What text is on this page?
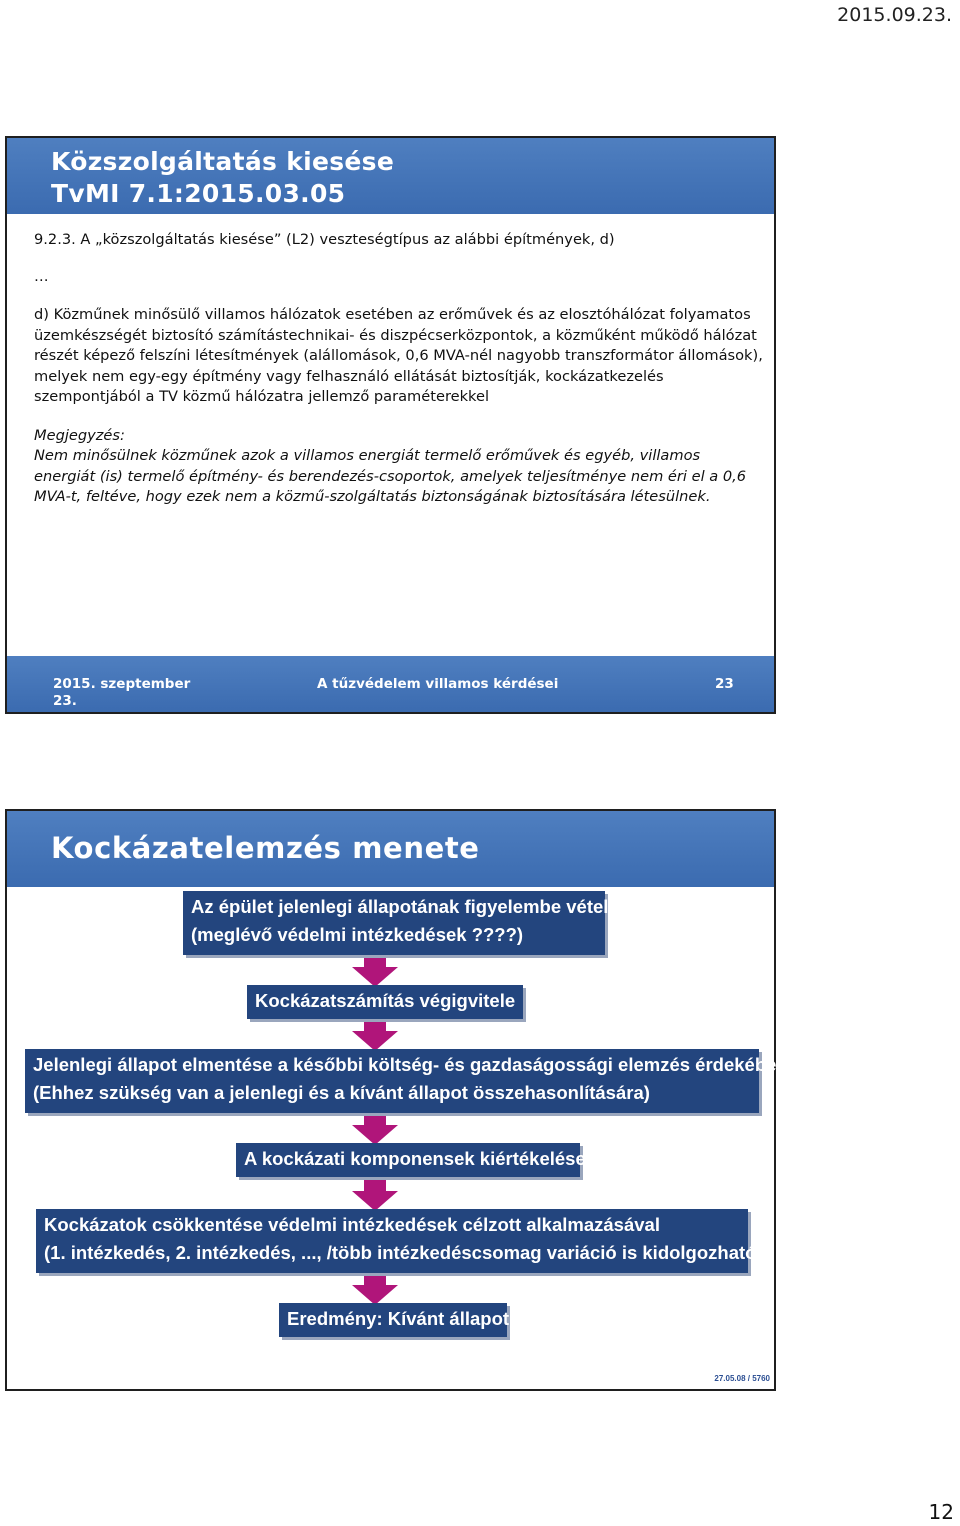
2015.09.23.
Közszolgáltatás kiesése
TvMI 7.1:2015.03.05

9.2.3. A „közszolgáltatás kiesése” (L2) veszteségtípus az alábbi építmények, d)

…

d) Közműnek minősülő villamos hálózatok esetében az erőművek és az elosztóhálózat folyamatos üzemkészségét biztosító számítástechnikai- és diszpécserközpontok, a közműként működő hálózat részét képező felszíni létesítmények (alállomások, 0,6 MVA-nél nagyobb transzformátor állomások), melyek nem egy-egy építmény vagy felhasználó ellátását biztosítják, kockázatkezelés szempontjából a TV közmű hálózatra jellemző paraméterekkel

Megjegyzés:

Nem minősülnek közműnek azok a villamos energiát termelő erőművek és egyéb, villamos energiát (is) termelő építmény- és berendezés-csoportok, amelyek teljesítménye nem éri el a 0,6 MVA-t, feltéve, hogy ezek nem a közmű-szolgáltatás biztonságának biztosítására létesülnek.

2015. szeptember 23.
A tűzvédelem villamos kérdései	23
Kockázatelemzés menete
Az épület jelenlegi állapotának figyelembe vétele
(meglévő védelmi intézkedések ????)
Kockázatszámítás végigvitele
Jelenlegi állapot elmentése a későbbi költség- és gazdaságossági elemzés érdekében
(Ehhez szükség van a jelenlegi és a kívánt állapot összehasonlítására)
A kockázati komponensek kiértékelése
Kockázatok csökkentése védelmi intézkedések célzott alkalmazásával
(1. intézkedés, 2. intézkedés, ..., /több intézkedéscsomag variáció is kidolgozható)
Eredmény: Kívánt állapot
27.05.08 / 5760
12
